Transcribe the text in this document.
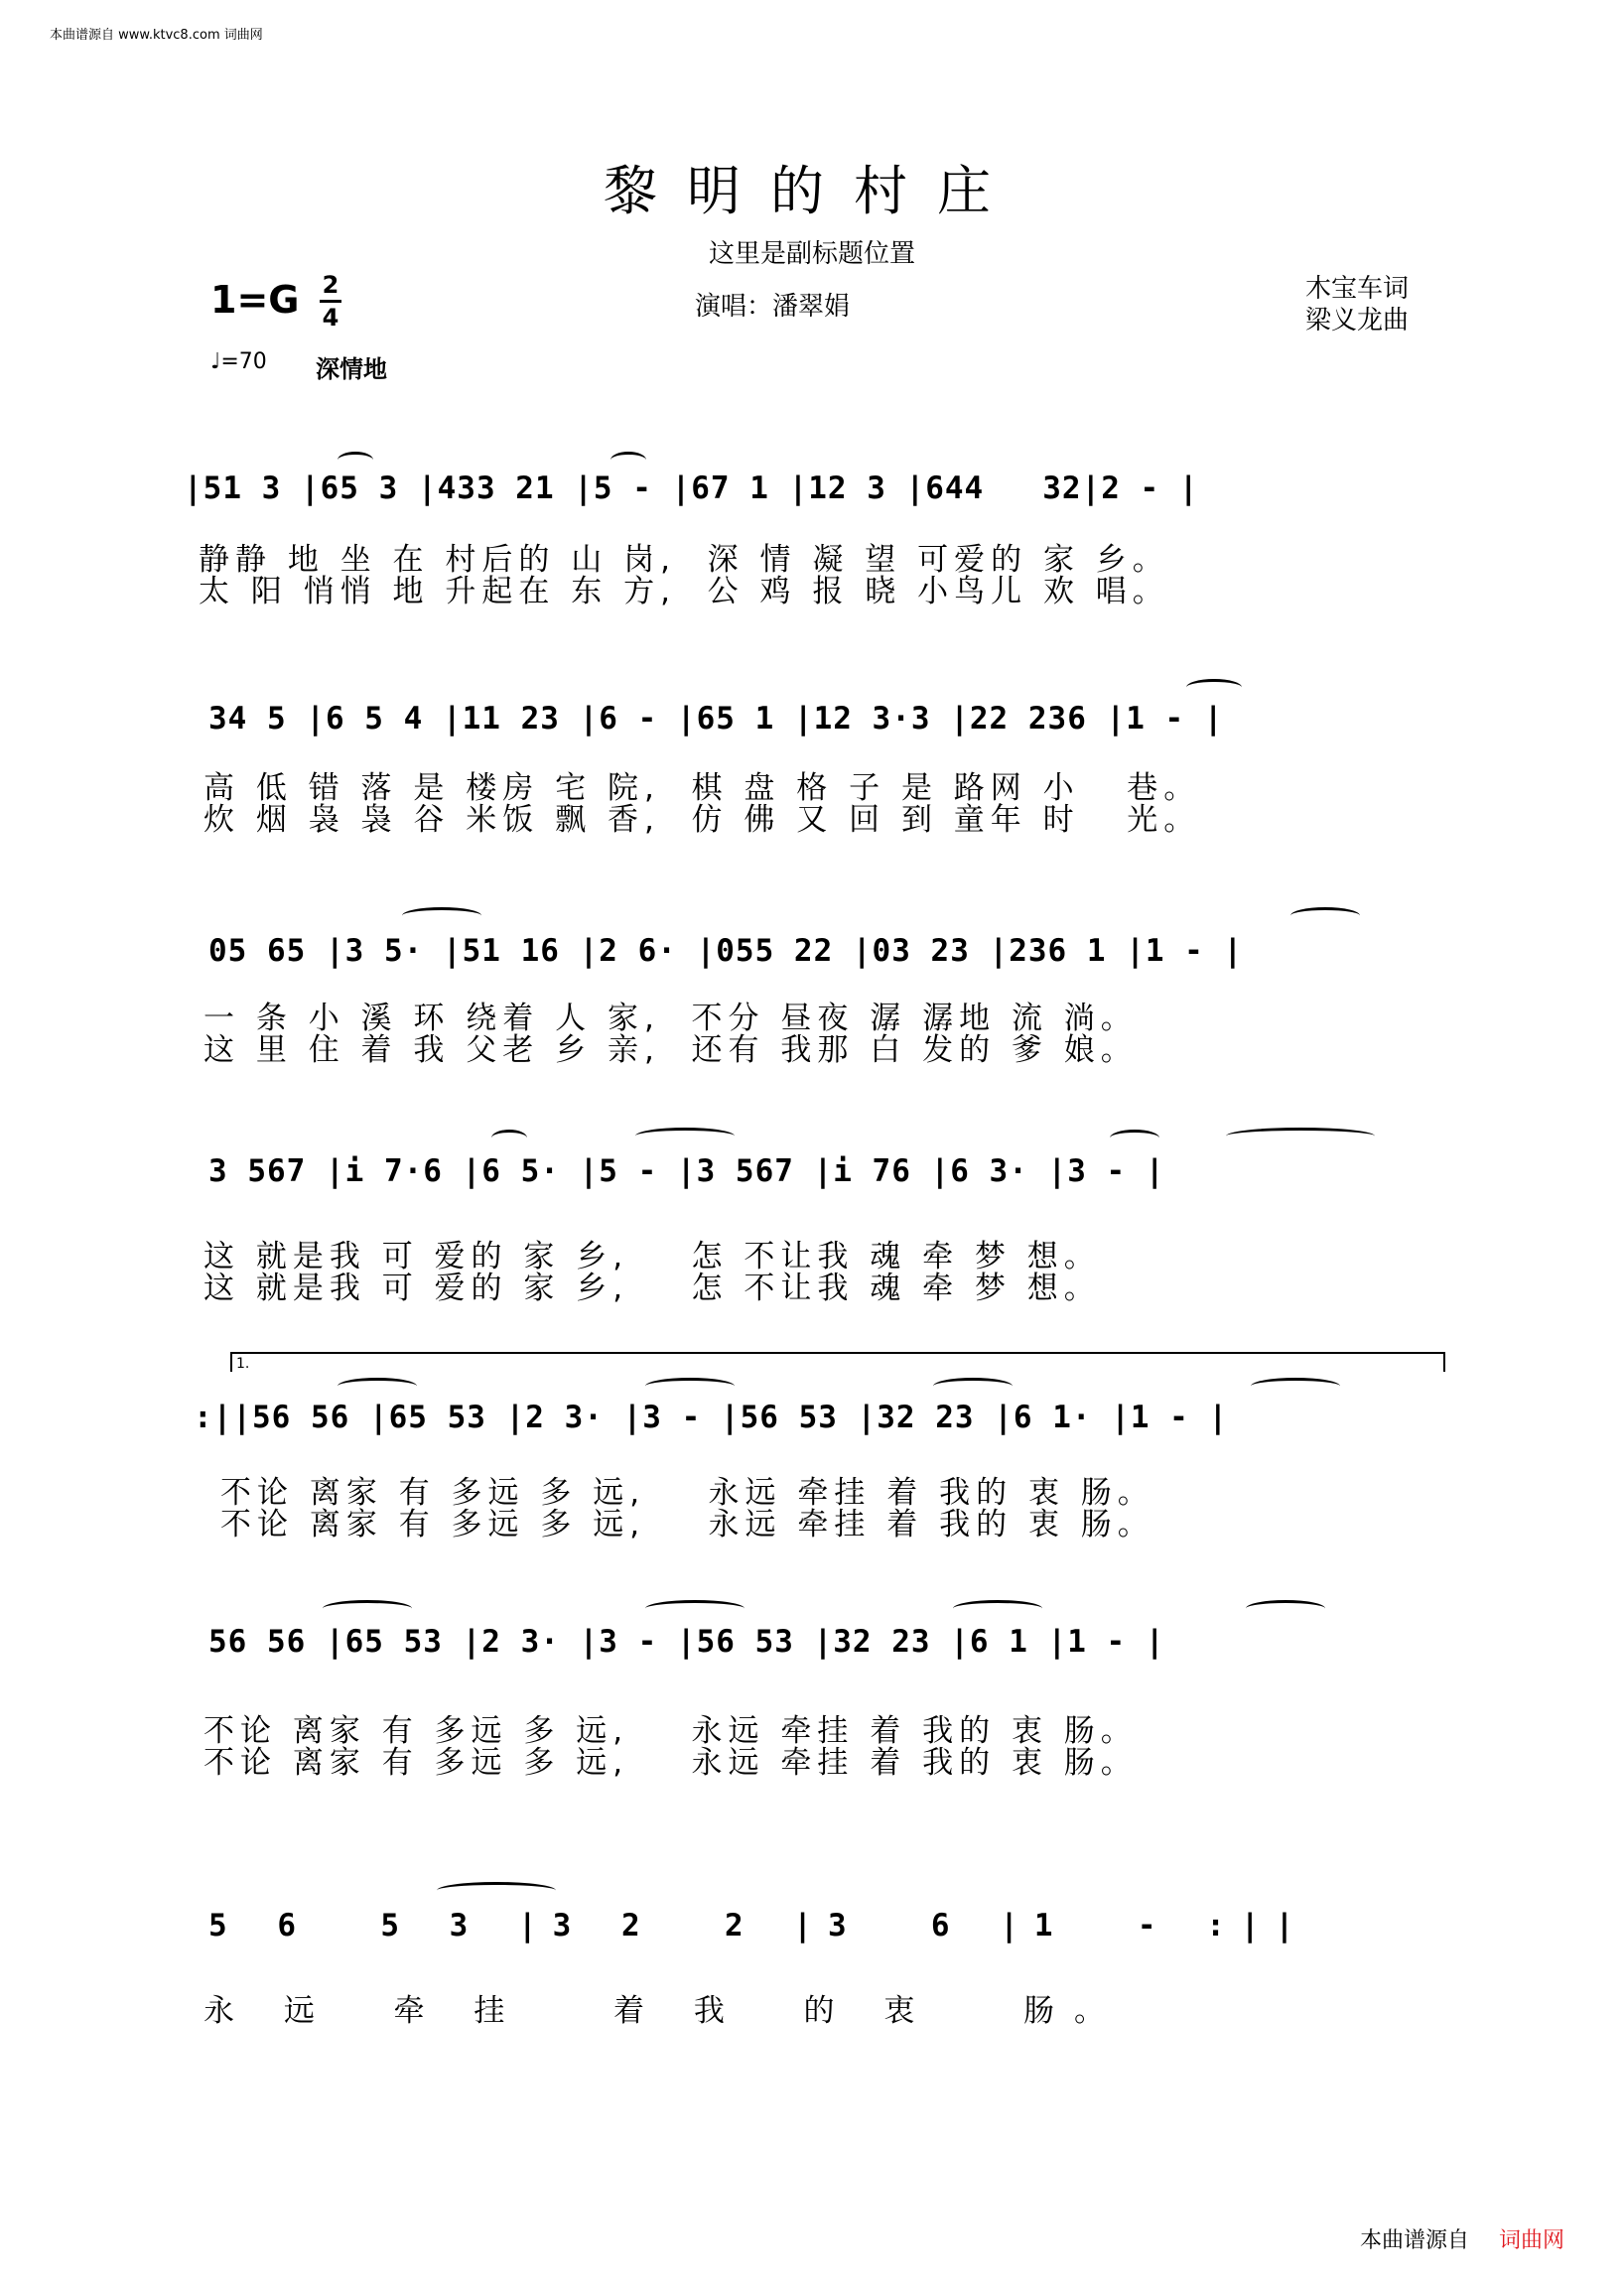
本曲谱源自 www.ktvc8.com 词曲网
黎明的村庄
这里是副标题位置
演唱：潘翠娟
木宝车词
梁义龙曲
1=G 2
4
♩=70 深情地
|51 3 |65 3 |433 21 |5 - |67 1 |12 3 |644   32|2 - |
静静 地 坐 在 村后的 山 岗,  深 情 凝 望 可爱的 家 乡。
太 阳 悄悄 地 升起在 东 方,  公 鸡 报 晓 小鸟儿 欢 唱。
34 5 |6 5 4 |11 23 |6 - |65 1 |12 3·3 |22 236 |1 - |
高 低 错 落 是 楼房 宅 院,  棋 盘 格 子 是 路网 小   巷。
炊 烟 袅 袅 谷 米饭 飘 香,  仿 佛 又 回 到 童年 时   光。
05 65 |3 5· |51 16 |2 6· |055 22 |03 23 |236 1 |1 - |
一 条 小 溪 环 绕着 人 家,  不分 昼夜 潺 潺地 流 淌。
这 里 住 着 我 父老 乡 亲,  还有 我那 白 发的 爹 娘。
3 567 |i 7·6 |6 5· |5 - |3 567 |i 76 |6 3· |3 - |
这 就是我 可 爱的 家 乡,    怎 不让我 魂 牵 梦 想。
这 就是我 可 爱的 家 乡,    怎 不让我 魂 牵 梦 想。
1.
:||56 56 |65 53 |2 3· |3 - |56 53 |32 23 |6 1· |1 - |
不论 离家 有 多远 多 远,    永远 牵挂 着 我的 衷 肠。
不论 离家 有 多远 多 远,    永远 牵挂 着 我的 衷 肠。
56 56 |65 53 |2 3· |3 - |56 53 |32 23 |6 1 |1 - |
不论 离家 有 多远 多 远,    永远 牵挂 着 我的 衷 肠。
不论 离家 有 多远 多 远,    永远 牵挂 着 我的 衷 肠。
5 6  5 3 |3 2  2 |3  6 |1  - :||
永 远  牵 挂   着 我  的 衷   肠。
本曲谱源自 词曲网
